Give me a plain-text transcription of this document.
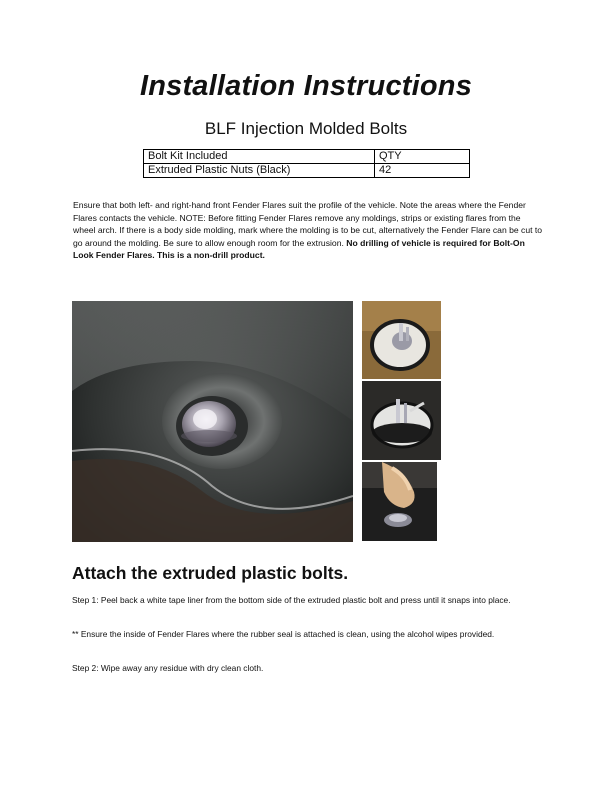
Installation Instructions
BLF Injection Molded Bolts
Bolt Kit Included	QTY
Extruded Plastic Nuts (Black)	42
Ensure that both left- and right-hand front Fender Flares suit the profile of the vehicle. Note the areas where the Fender Flares contacts the vehicle. NOTE: Before fitting Fender Flares remove any moldings, strips or existing flares from the wheel arch. If there is a body side molding, mark where the molding is to be cut, alternatively the Fender Flare can be cut to go around the molding. Be sure to allow enough room for the extrusion. No drilling of vehicle is required for Bolt-On Look Fender Flares. This is a non-drill product.
Attach the extruded plastic bolts.
Step 1: Peel back a white tape liner from the bottom side of the extruded plastic bolt and press until it snaps into place.
** Ensure the inside of Fender Flares where the rubber seal is attached is clean, using the alcohol wipes provided.
Step 2: Wipe away any residue with dry clean cloth.
